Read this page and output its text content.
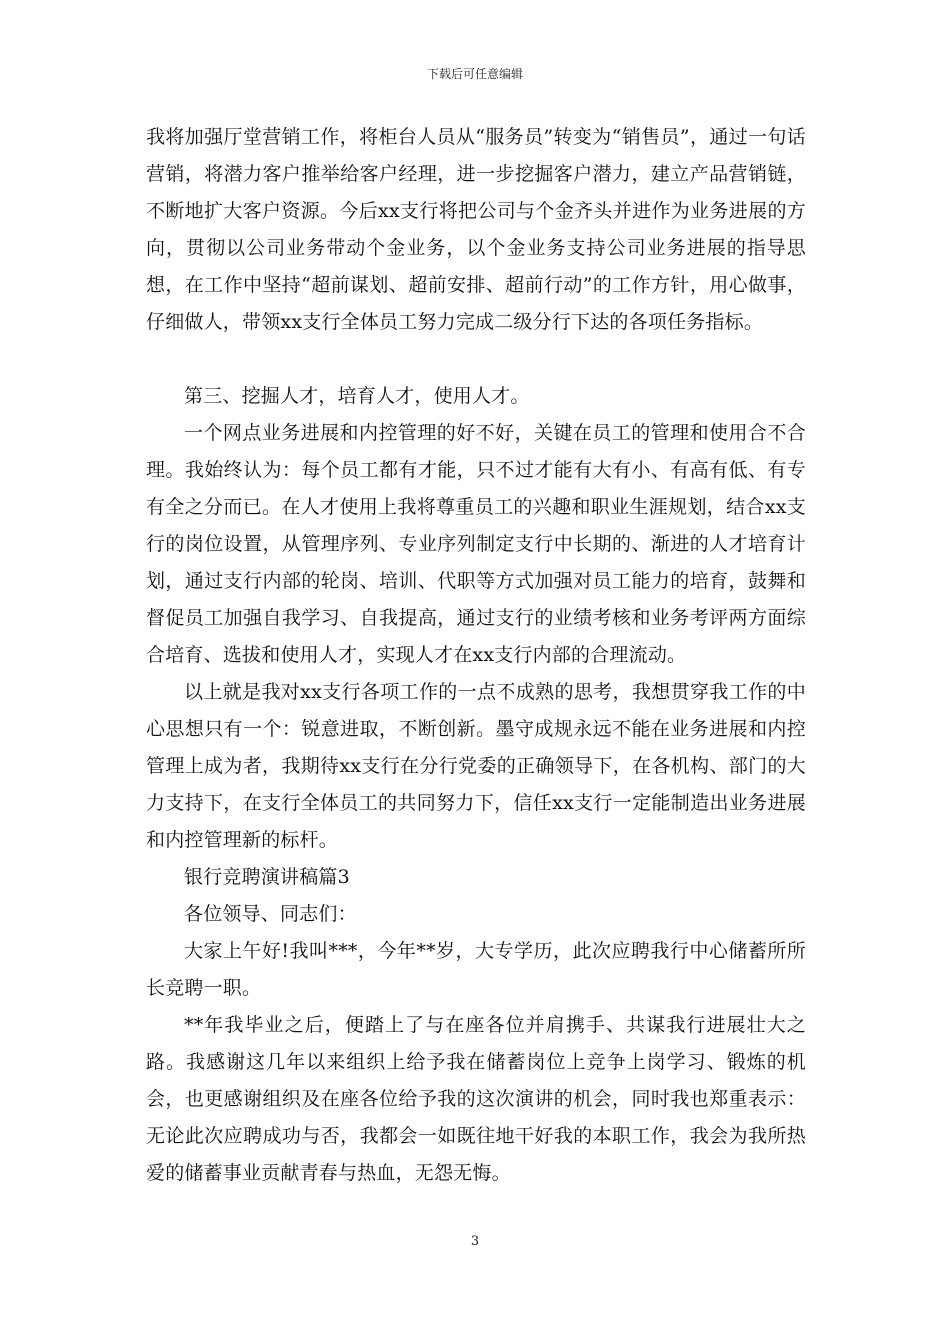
下载后可任意编辑

我将加强厅堂营销工作，将柜台人员从“服务员”转变为“销售员”，通过一句话营销，将潜力客户推举给客户经理，进一步挖掘客户潜力，建立产品营销链，不断地扩大客户资源。今后xx支行将把公司与个金齐头并进作为业务进展的方向，贯彻以公司业务带动个金业务，以个金业务支持公司业务进展的指导思想，在工作中坚持“超前谋划、超前安排、超前行动”的工作方针，用心做事，仔细做人，带领xx支行全体员工努力完成二级分行下达的各项任务指标。

第三、挖掘人才，培育人才，使用人才。

一个网点业务进展和内控管理的好不好，关键在员工的管理和使用合不合理。我始终认为：每个员工都有才能，只不过才能有大有小、有高有低、有专有全之分而已。在人才使用上我将尊重员工的兴趣和职业生涯规划，结合xx支行的岗位设置，从管理序列、专业序列制定支行中长期的、渐进的人才培育计划，通过支行内部的轮岗、培训、代职等方式加强对员工能力的培育，鼓舞和督促员工加强自我学习、自我提高，通过支行的业绩考核和业务考评两方面综合培育、选拔和使用人才，实现人才在xx支行内部的合理流动。

以上就是我对xx支行各项工作的一点不成熟的思考，我想贯穿我工作的中心思想只有一个：锐意进取，不断创新。墨守成规永远不能在业务进展和内控管理上成为者，我期待xx支行在分行党委的正确领导下，在各机构、部门的大力支持下，在支行全体员工的共同努力下，信任xx支行一定能制造出业务进展和内控管理新的标杆。

银行竞聘演讲稿篇3

各位领导、同志们：

大家上午好!我叫***，今年**岁，大专学历，此次应聘我行中心储蓄所所长竞聘一职。

**年我毕业之后，便踏上了与在座各位并肩携手、共谋我行进展壮大之路。我感谢这几年以来组织上给予我在储蓄岗位上竞争上岗学习、锻炼的机会，也更感谢组织及在座各位给予我的这次演讲的机会，同时我也郑重表示：无论此次应聘成功与否，我都会一如既往地干好我的本职工作，我会为我所热爱的储蓄事业贡献青春与热血，无怨无悔。

3
